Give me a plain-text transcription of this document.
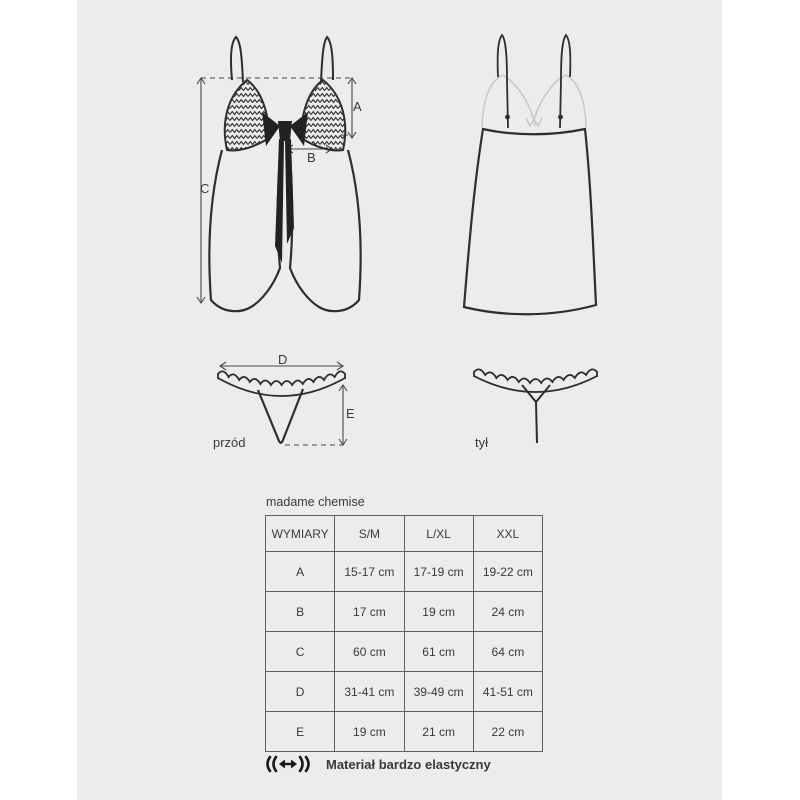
A
B
C
D
E
przód	tył
madame chemise
WYMIARY	S/M	L/XL	XXL
A	15-17 cm	17-19 cm	19-22 cm
B	17 cm	19 cm	24 cm
C	60 cm	61 cm	64 cm
D	31-41 cm	39-49 cm	41-51 cm
E	19 cm	21 cm	22 cm
Materiał bardzo elastyczny
